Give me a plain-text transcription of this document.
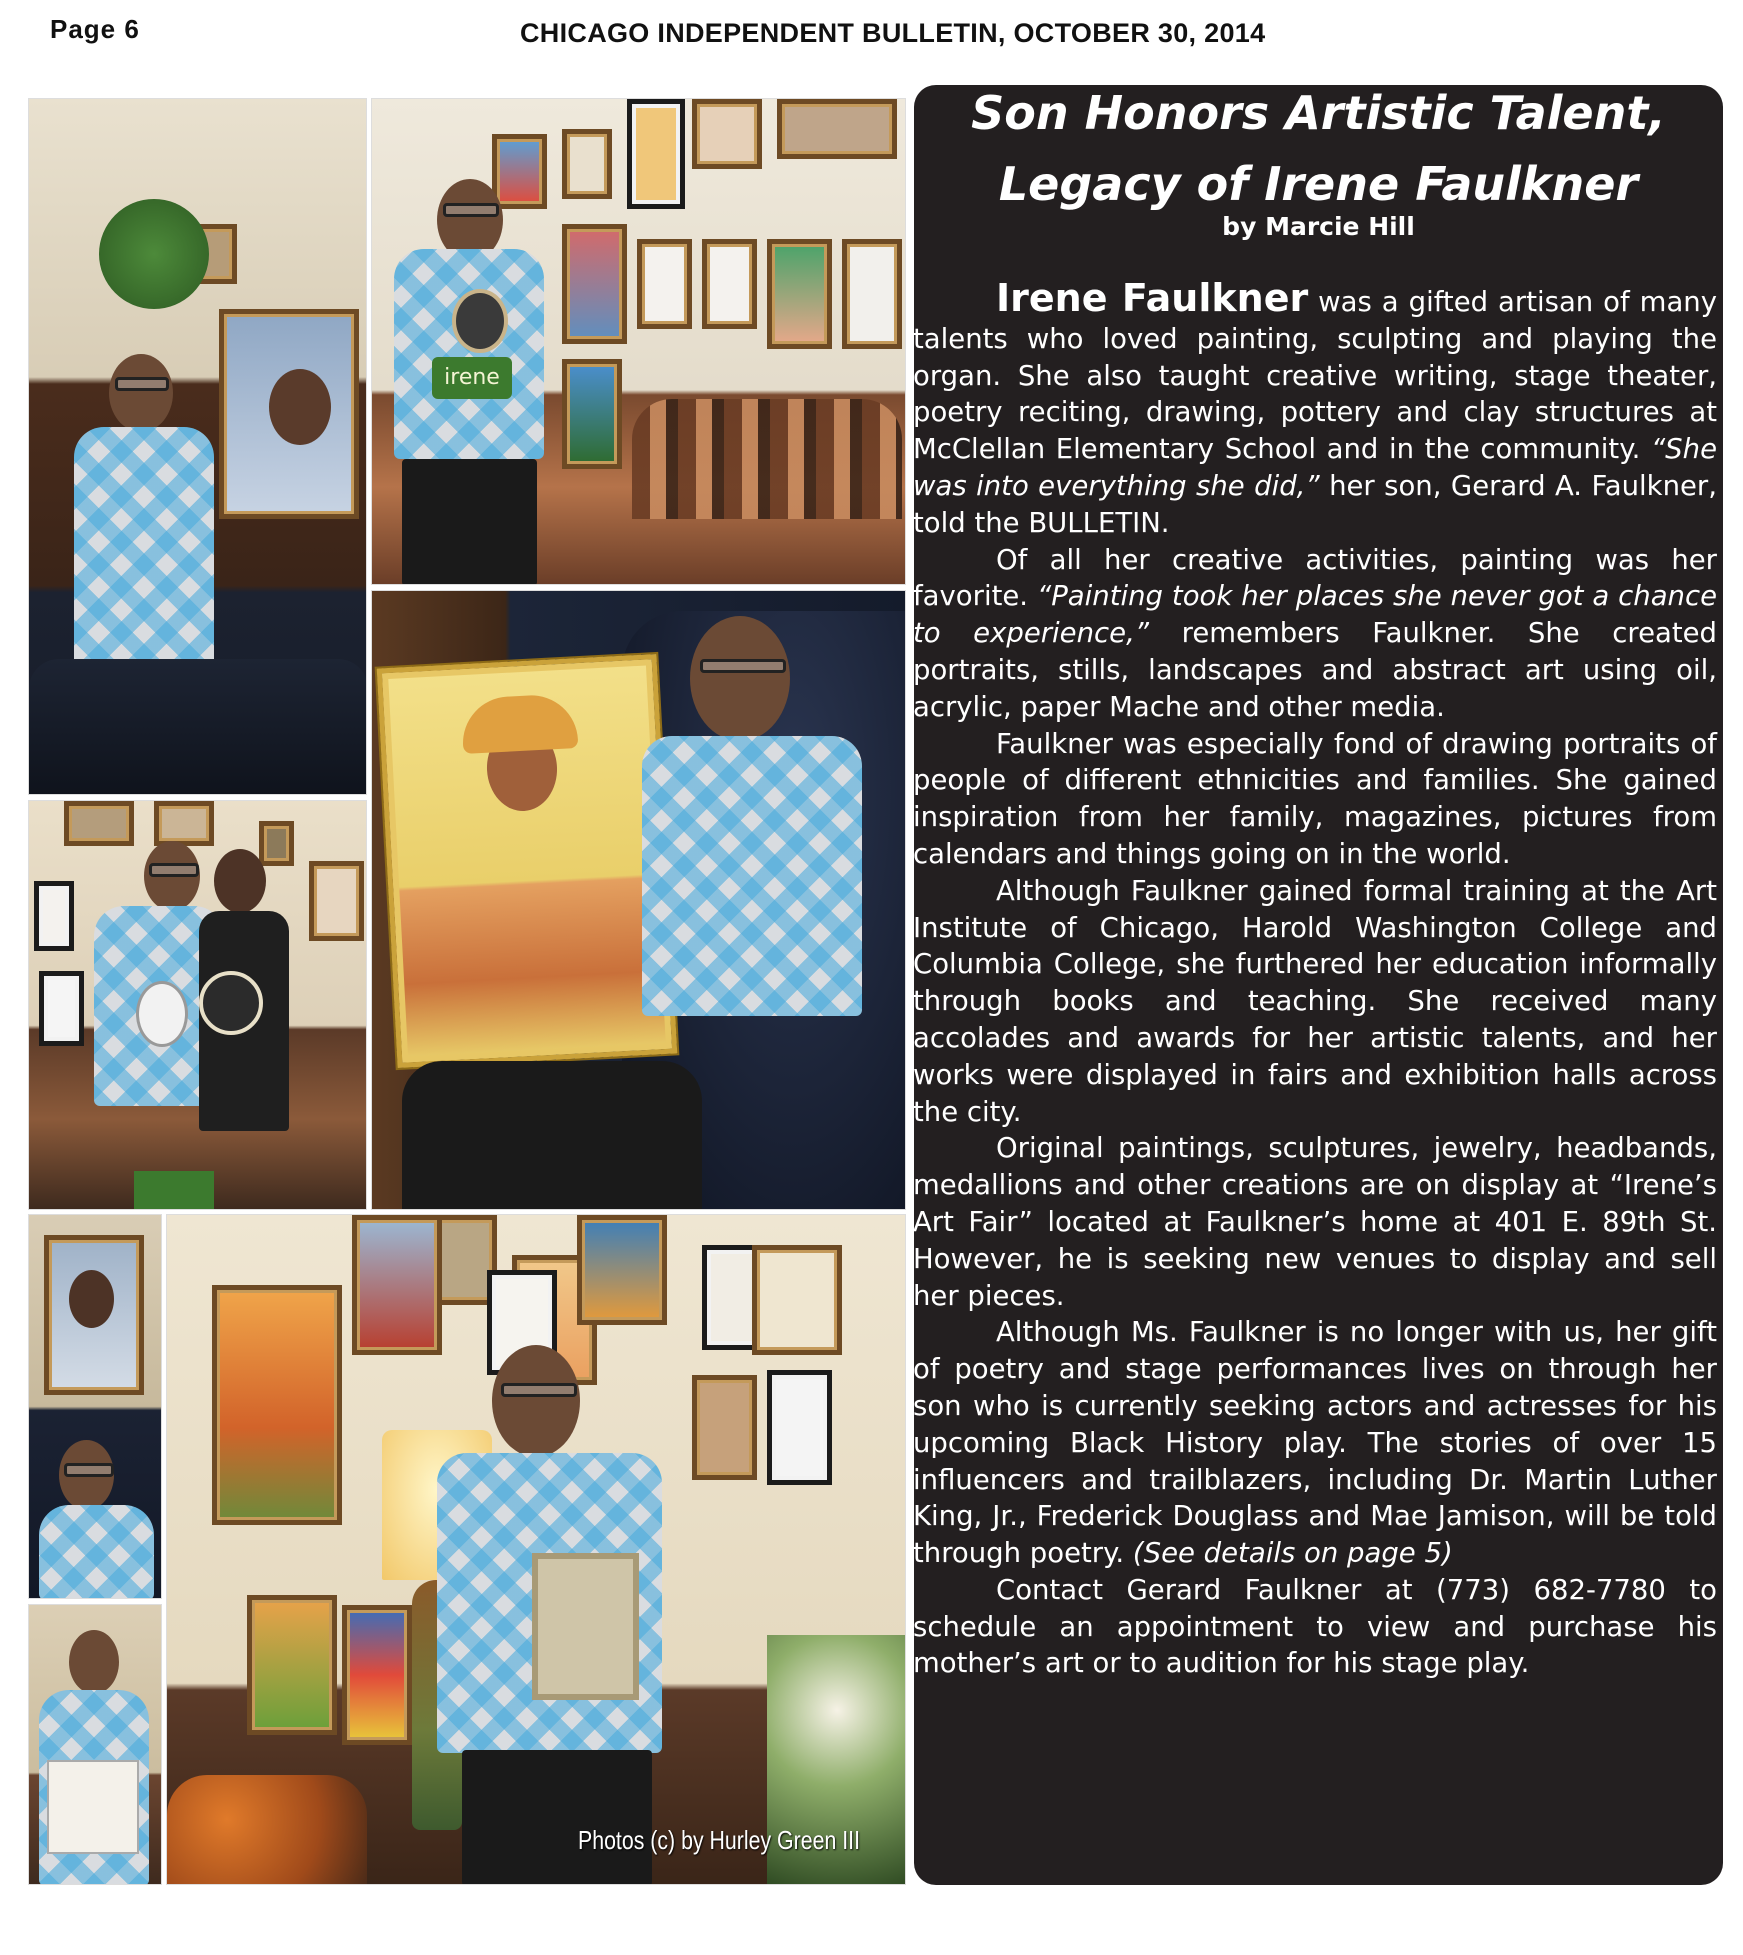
Page 6	CHICAGO INDEPENDENT BULLETIN, OCTOBER 30, 2014
irene
Photos (c) by Hurley Green III
Son Honors Artistic Talent,
Legacy of Irene Faulkner
by Marcie Hill

Irene Faulkner was a gifted artisan of many talents who loved painting, sculpting and playing the organ. She also taught creative writing, stage theater, poetry reciting, drawing, pottery and clay structures at McClellan Elementary School and in the community. “She was into everything she did,” her son, Gerard A. Faulkner, told the BULLETIN.

Of all her creative activities, painting was her favorite. “Painting took her places she never got a chance to experience,” remembers Faulkner. She created portraits, stills, landscapes and abstract art using oil, acrylic, paper Mache and other media.

Faulkner was especially fond of drawing portraits of people of different ethnicities and families. She gained inspiration from her family, magazines, pictures from calendars and things going on in the world.

Although Faulkner gained formal training at the Art Institute of Chicago, Harold Washington College and Columbia College, she furthered her education informally through books and teaching. She received many accolades and awards for her artistic talents, and her works were displayed in fairs and exhibition halls across the city.

Original paintings, sculptures, jewelry, headbands, medallions and other creations are on display at “Irene’s Art Fair” located at Faulkner’s home at 401 E. 89th St. However, he is seeking new venues to display and sell her pieces.

Although Ms. Faulkner is no longer with us, her gift of poetry and stage performances lives on through her son who is currently seeking actors and actresses for his upcoming Black History play. The stories of over 15 influencers and trailblazers, including Dr. Martin Luther King, Jr., Frederick Douglass and Mae Jamison, will be told through poetry. (See details on page 5)

Contact Gerard Faulkner at (773) 682-7780 to schedule an appointment to view and purchase his mother’s art or to audition for his stage play.
